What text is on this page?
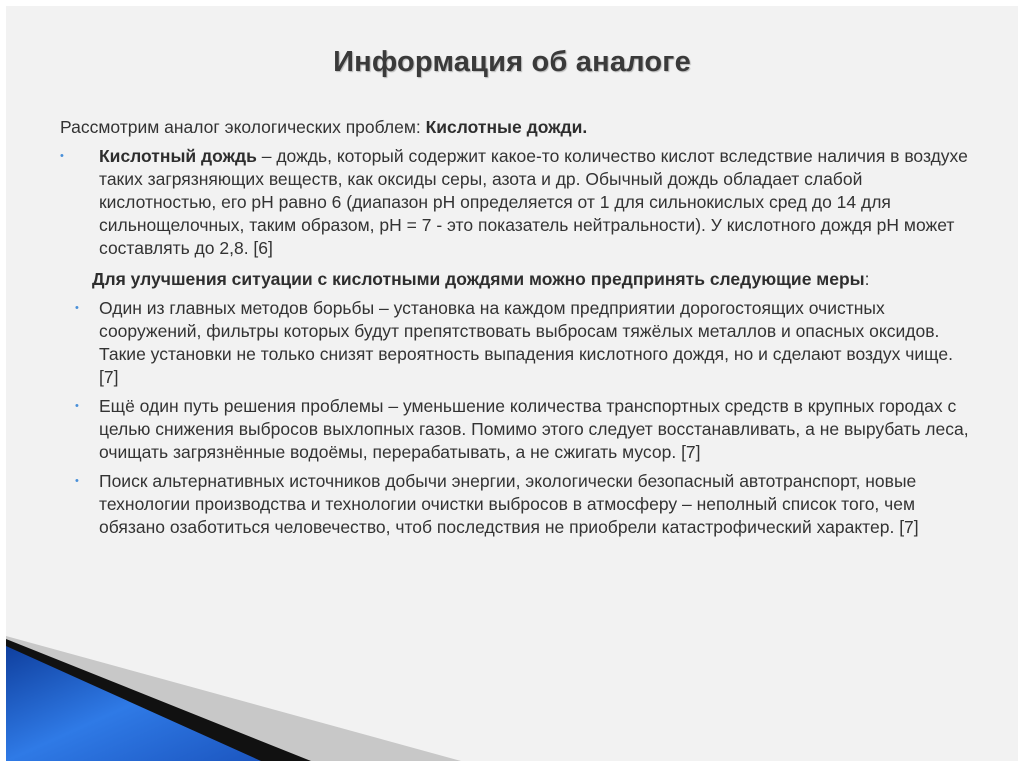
Информация об аналоге

Рассмотрим аналог экологических проблем: Кислотные дожди.

• Кислотный дождь – дождь, который содержит какое-то количество кислот вследствие наличия в воздухе таких загрязняющих веществ, как оксиды серы, азота и др. Обычный дождь обладает слабой кислотностью, его pH равно 6 (диапазон pH определяется от 1 для сильнокислых сред до 14 для сильнощелочных, таким образом, pH = 7 - это показатель нейтральности). У кислотного дождя pH может составлять до 2,8. [6]

Для улучшения ситуации с кислотными дождями можно предпринять следующие меры:

• Один из главных методов борьбы – установка на каждом предприятии дорогостоящих очистных сооружений, фильтры которых будут препятствовать выбросам тяжёлых металлов и опасных оксидов. Такие установки не только снизят вероятность выпадения кислотного дождя, но и сделают воздух чище. [7]
• Ещё один путь решения проблемы – уменьшение количества транспортных средств в крупных городах с целью снижения выбросов выхлопных газов. Помимо этого следует восстанавливать, а не вырубать леса, очищать загрязнённые водоёмы, перерабатывать, а не сжигать мусор. [7]
• Поиск альтернативных источников добычи энергии, экологически безопасный автотранспорт, новые технологии производства и технологии очистки выбросов в атмосферу – неполный список того, чем обязано озаботиться человечество, чтоб последствия не приобрели катастрофический характер. [7]
